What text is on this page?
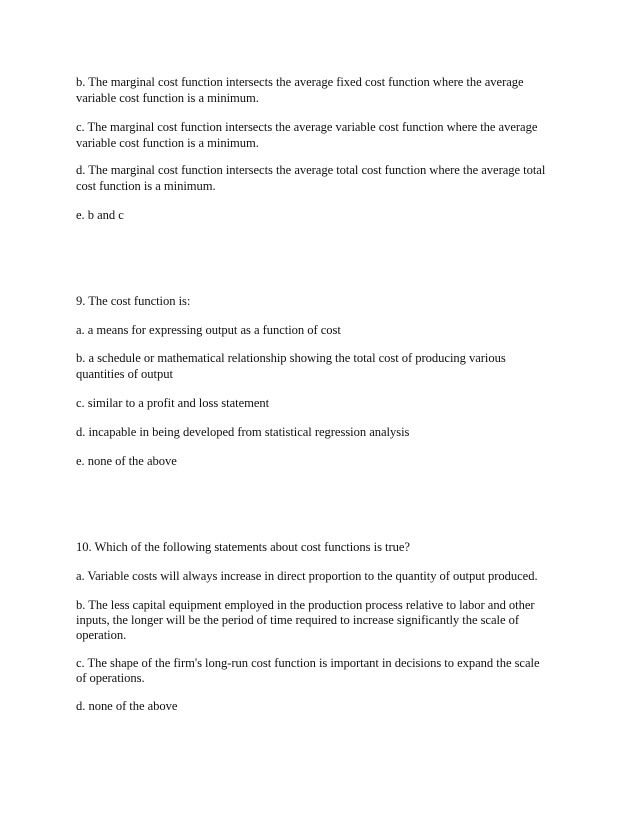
b. The marginal cost function intersects the average fixed cost function where the average
variable cost function is a minimum.
c. The marginal cost function intersects the average variable cost function where the average
variable cost function is a minimum.
d. The marginal cost function intersects the average total cost function where the average total
cost function is a minimum.
e. b and c
9. The cost function is:
a. a means for expressing output as a function of cost
b. a schedule or mathematical relationship showing the total cost of producing various
quantities of output
c. similar to a profit and loss statement
d. incapable in being developed from statistical regression analysis
e. none of the above
10. Which of the following statements about cost functions is true?
a. Variable costs will always increase in direct proportion to the quantity of output produced.
b. The less capital equipment employed in the production process relative to labor and other
inputs, the longer will be the period of time required to increase significantly the scale of
operation.
c. The shape of the firm's long-run cost function is important in decisions to expand the scale
of operations.
d. none of the above
